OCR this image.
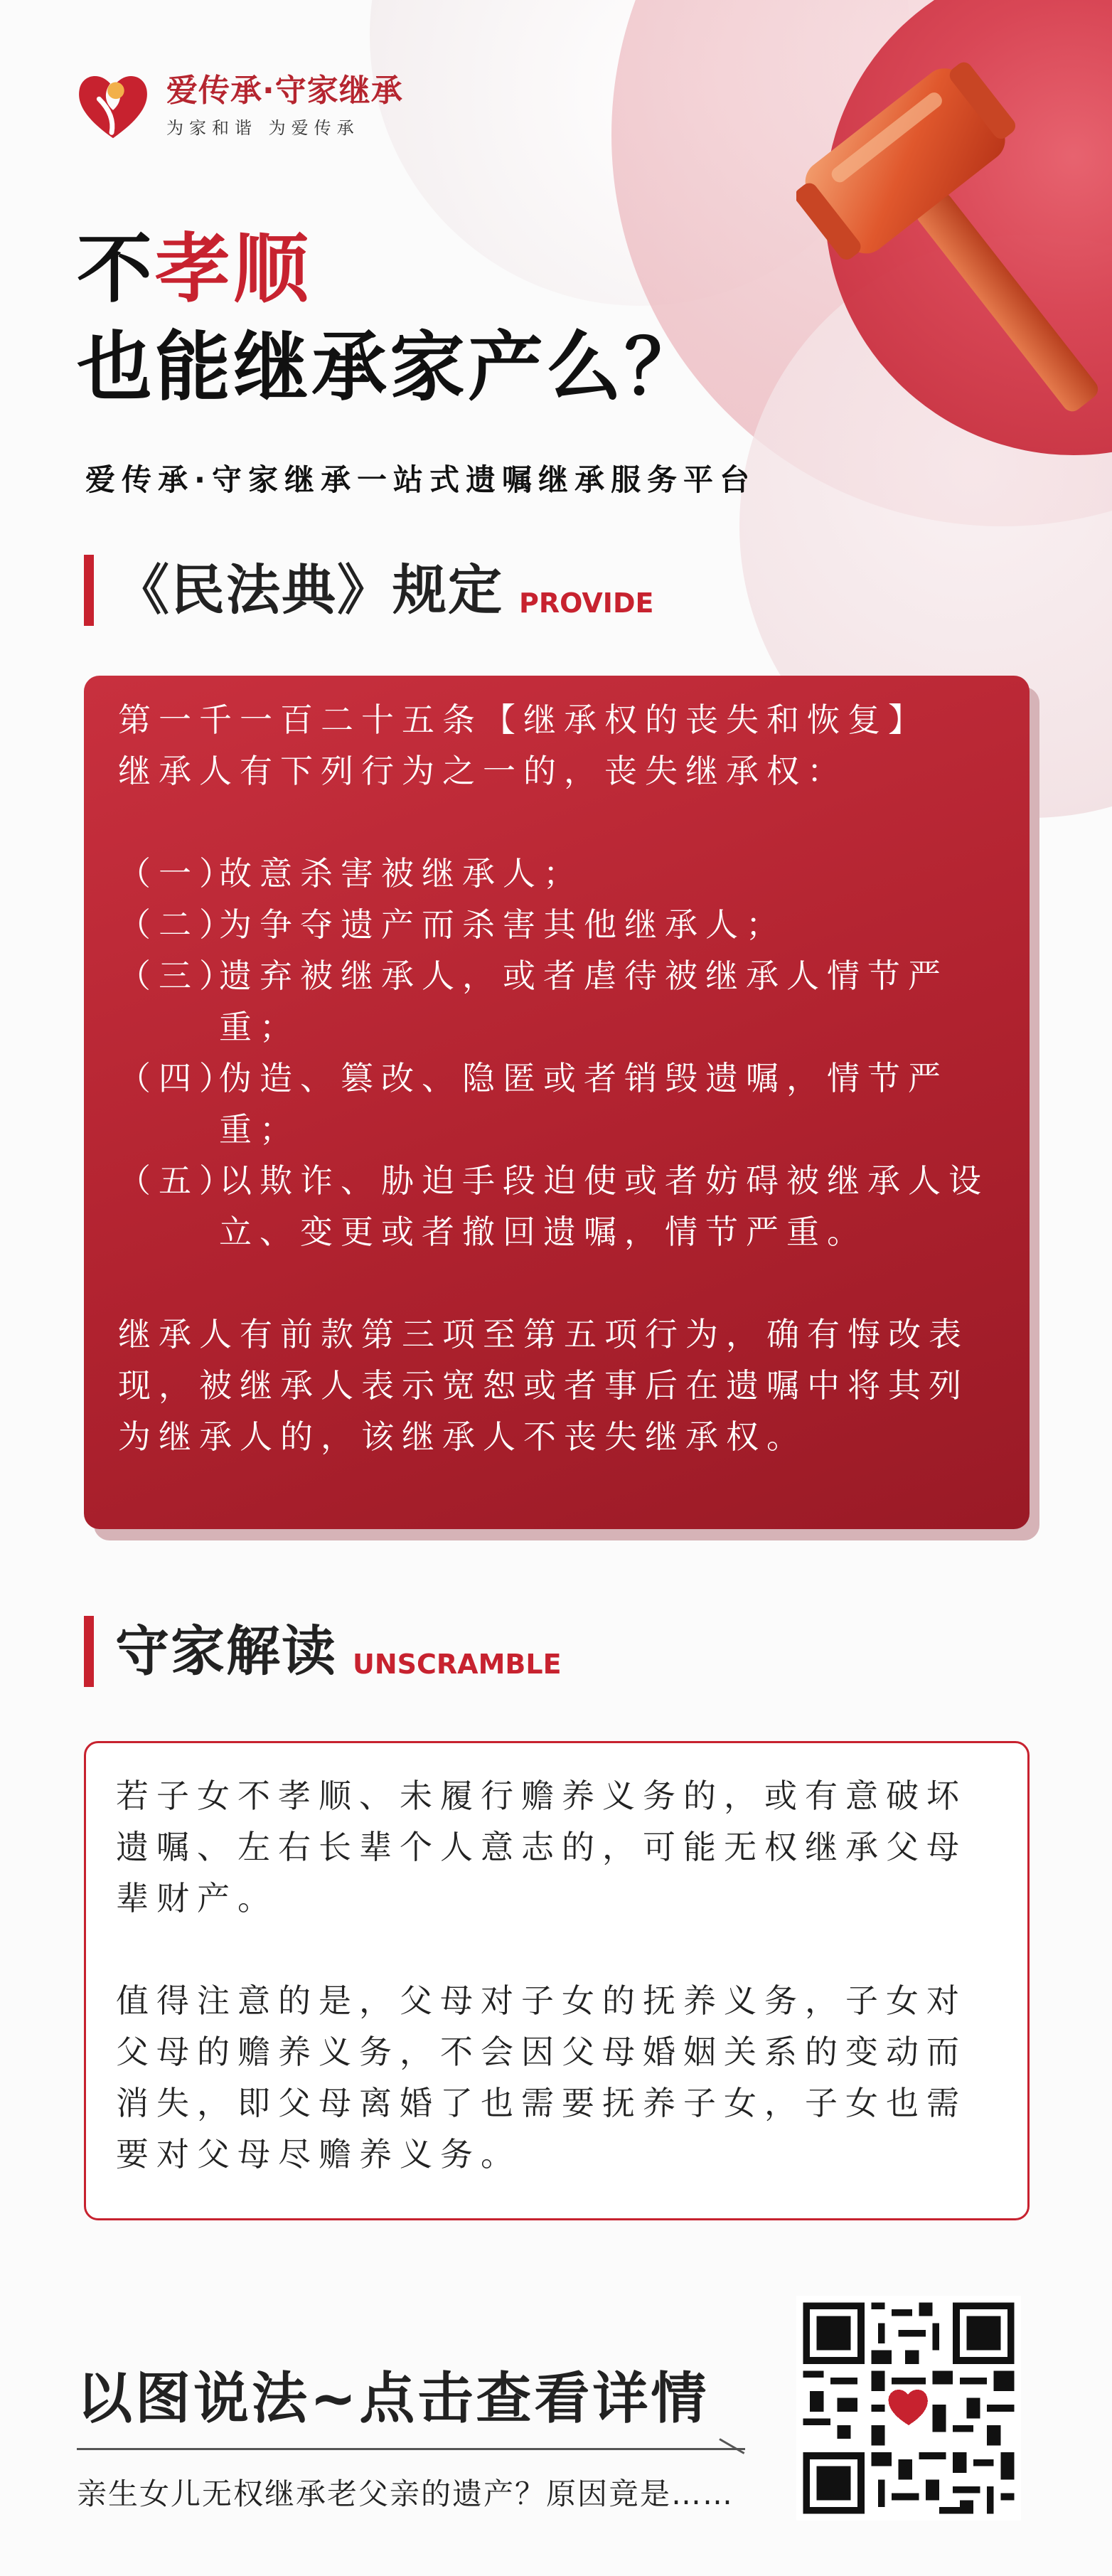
爱传承·守家继承
为家和谐 为爱传承
不孝顺
也能继承家产么？
爱传承·守家继承一站式遗嘱继承服务平台
《民法典》规定 PROVIDE
第一千一百二十五条【继承权的丧失和恢复】
继承人有下列行为之一的，丧失继承权：
（一）
故意杀害被继承人；
（二）
为争夺遗产而杀害其他继承人；
（三）
遗弃被继承人，或者虐待被继承人情节严重；
（四）
伪造、篡改、隐匿或者销毁遗嘱，情节严重；
（五）
以欺诈、胁迫手段迫使或者妨碍被继承人设立、变更或者撤回遗嘱，情节严重。
继承人有前款第三项至第五项行为，确有悔改表现，被继承人表示宽恕或者事后在遗嘱中将其列为继承人的，该继承人不丧失继承权。
守家解读 UNSCRAMBLE

若子女不孝顺、未履行赡养义务的，或有意破坏遗嘱、左右长辈个人意志的，可能无权继承父母辈财产。

值得注意的是，父母对子女的抚养义务，子女对父母的赡养义务，不会因父母婚姻关系的变动而消失，即父母离婚了也需要抚养子女，子女也需要对父母尽赡养义务。

以图说法~点击查看详情
亲生女儿无权继承老父亲的遗产？原因竟是……
